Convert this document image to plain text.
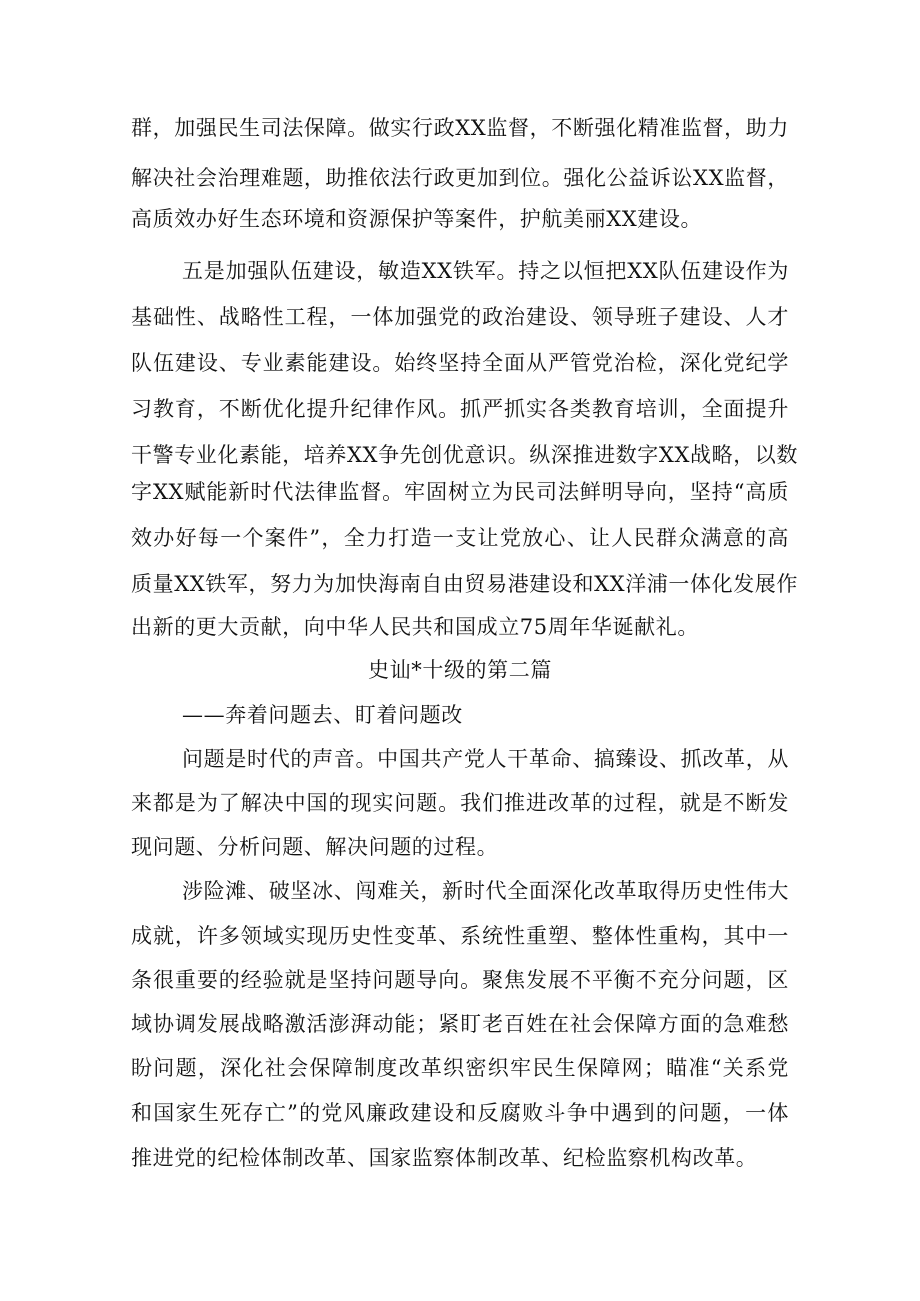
群，加强民生司法保障。做实行政XX监督，不断强化精准监督，助力
解决社会治理难题，助推依法行政更加到位。强化公益诉讼XX监督，
高质效办好生态环境和资源保护等案件，护航美丽XX建设。
五是加强队伍建设，敏造XX铁军。持之以恒把XX队伍建设作为
基础性、战略性工程，一体加强党的政治建设、领导班子建设、人才
队伍建设、专业素能建设。始终坚持全面从严管党治检，深化党纪学
习教育，不断优化提升纪律作风。抓严抓实各类教育培训，全面提升
干警专业化素能，培养XX争先创优意识。纵深推进数字XX战略，以数
字XX赋能新时代法律监督。牢固树立为民司法鲜明导向，坚持“高质
效办好每一个案件”，全力打造一支让党放心、让人民群众满意的高
质量XX铁军，努力为加快海南自由贸易港建设和XX洋浦一体化发展作
出新的更大贡献，向中华人民共和国成立75周年华诞献礼。
史讪*十级的第二篇
——奔着问题去、盯着问题改
问题是时代的声音。中国共产党人干革命、搞臻设、抓改革，从
来都是为了解决中国的现实问题。我们推进改革的过程，就是不断发
现问题、分析问题、解决问题的过程。
涉险滩、破坚冰、闯难关，新时代全面深化改革取得历史性伟大
成就，许多领域实现历史性变革、系统性重塑、整体性重构，其中一
条很重要的经验就是坚持问题导向。聚焦发展不平衡不充分问题，区
域协调发展战略激活澎湃动能；紧盯老百姓在社会保障方面的急难愁
盼问题，深化社会保障制度改革织密织牢民生保障网；瞄准“关系党
和国家生死存亡”的党风廉政建设和反腐败斗争中遇到的问题，一体
推进党的纪检体制改革、国家监察体制改革、纪检监察机构改革。
